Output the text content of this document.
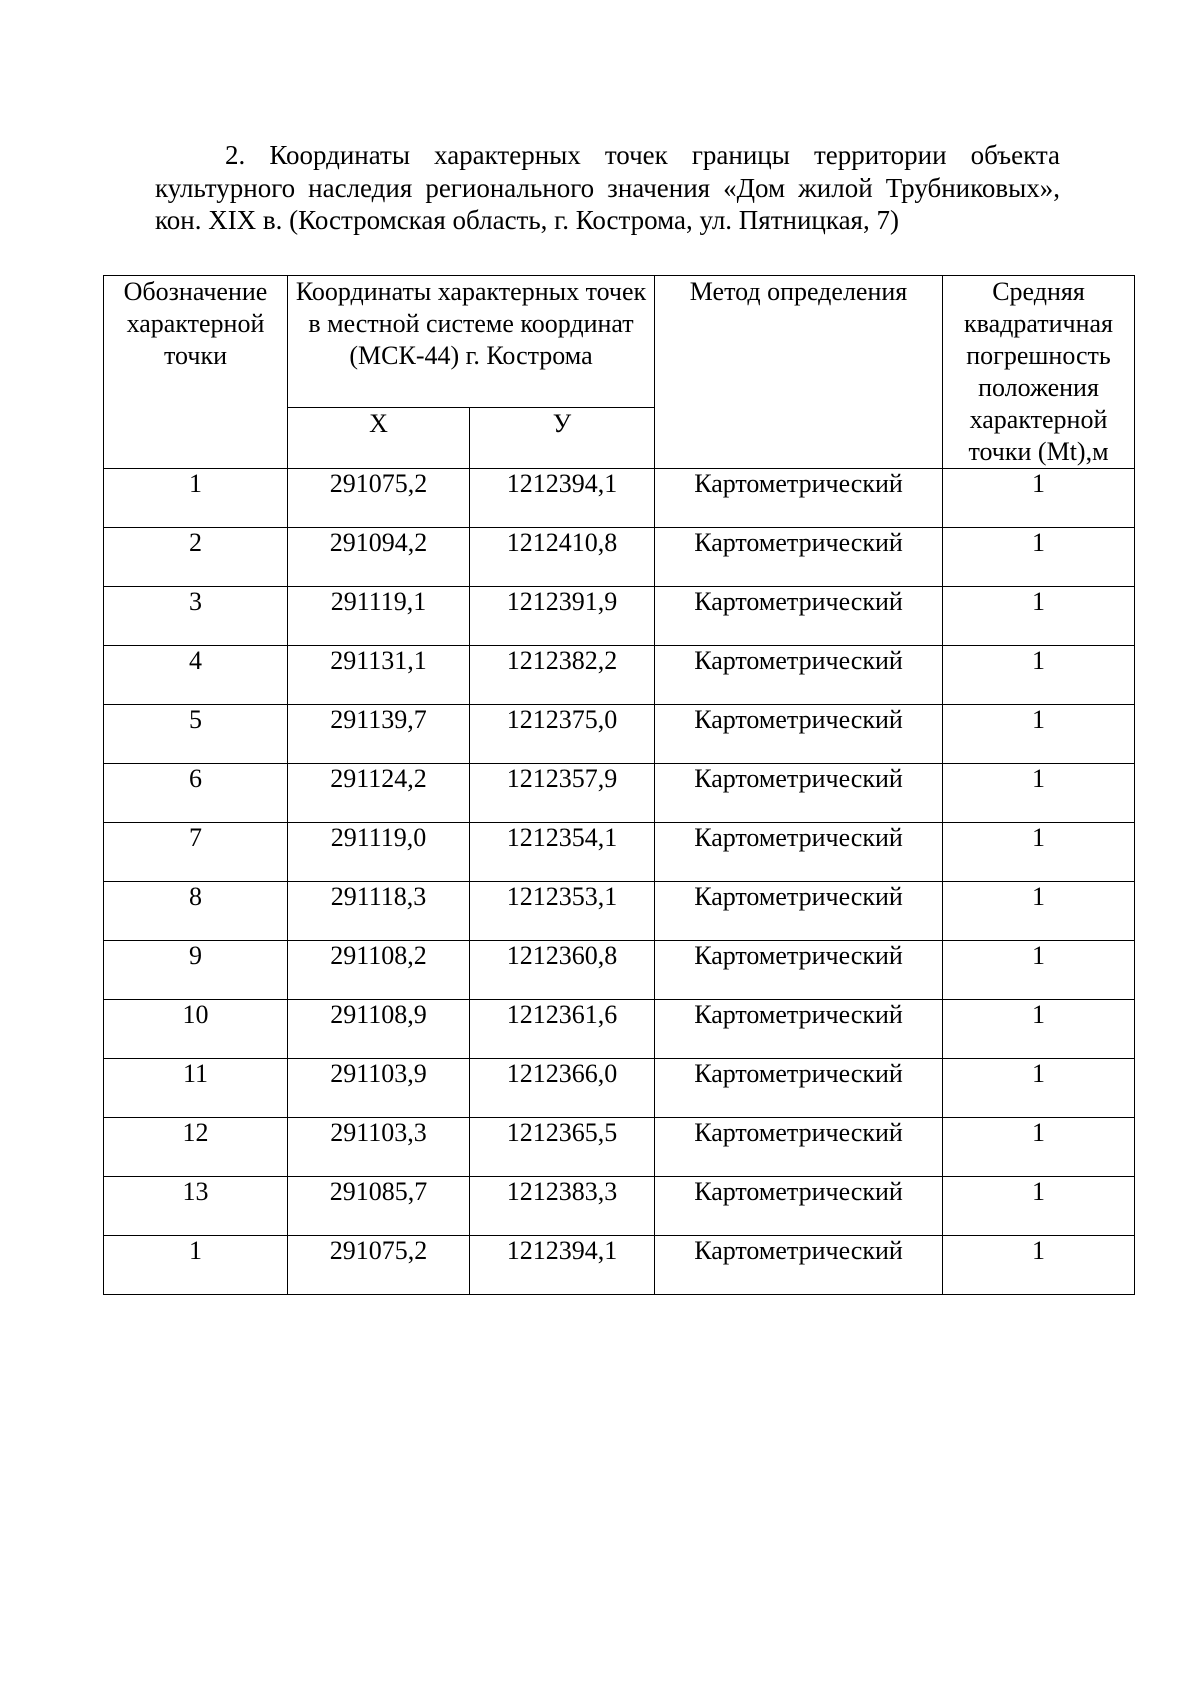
2. Координаты характерных точек границы территории объекта культурного наследия регионального значения «Дом жилой Трубниковых», кон. XIX в. (Костромская область, г. Кострома, ул. Пятницкая, 7)

Обозначение характерной точки	Координаты характерных точек в местной системе координат (МСК-44) г. Кострома		Метод определения	Средняя квадратичная погрешность положения характерной точки (Mt),м
	X	У		
1	291075,2	1212394,1	Картометрический	1
2	291094,2	1212410,8	Картометрический	1
3	291119,1	1212391,9	Картометрический	1
4	291131,1	1212382,2	Картометрический	1
5	291139,7	1212375,0	Картометрический	1
6	291124,2	1212357,9	Картометрический	1
7	291119,0	1212354,1	Картометрический	1
8	291118,3	1212353,1	Картометрический	1
9	291108,2	1212360,8	Картометрический	1
10	291108,9	1212361,6	Картометрический	1
11	291103,9	1212366,0	Картометрический	1
12	291103,3	1212365,5	Картометрический	1
13	291085,7	1212383,3	Картометрический	1
1	291075,2	1212394,1	Картометрический	1
